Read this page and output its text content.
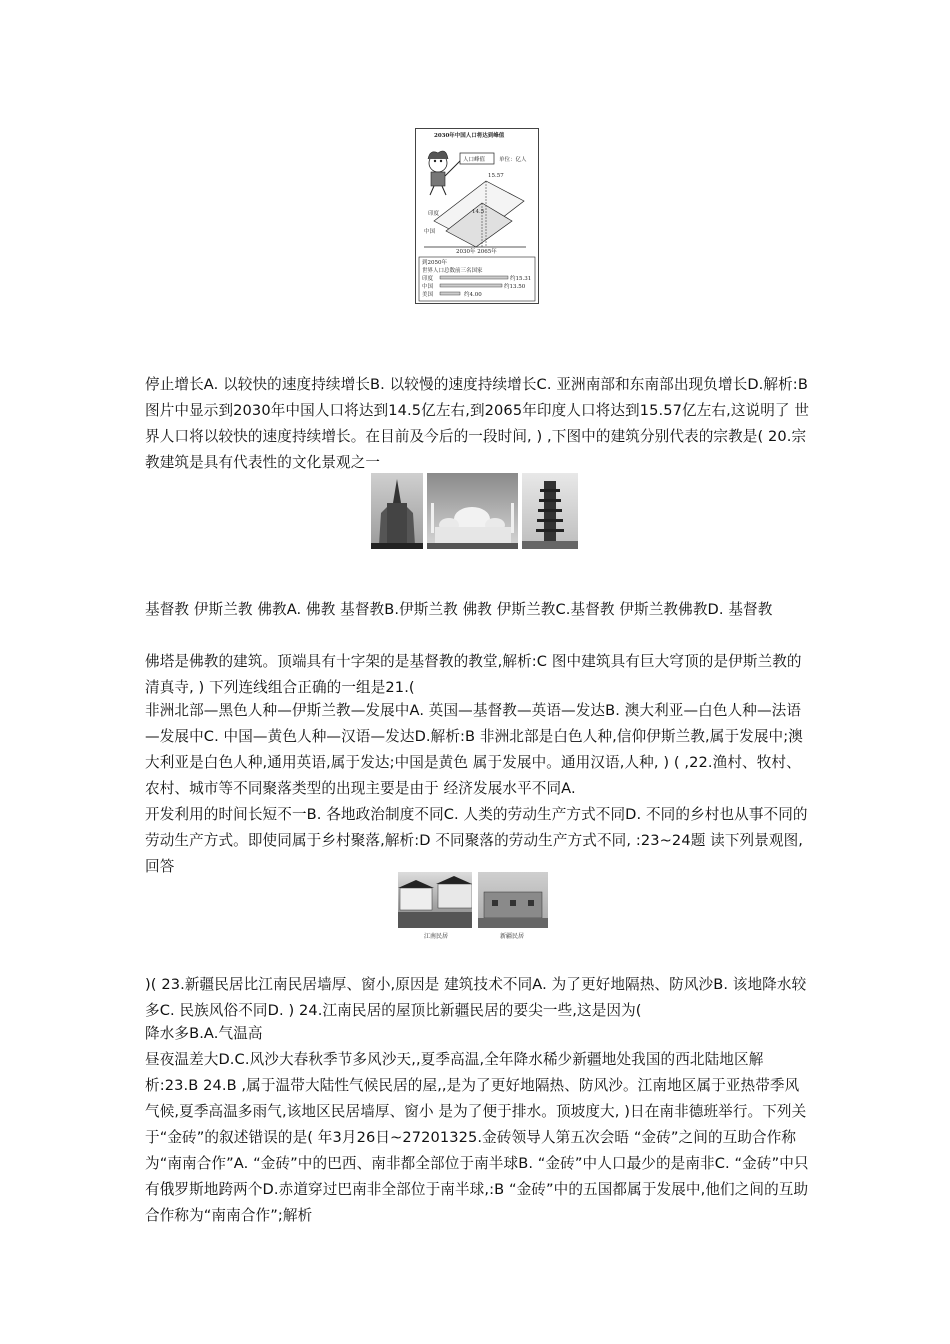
2030年中国人口将达到峰值
人口峰值	单位：亿人
15.57
14.5
印度
中国
2030年 2065年
到2050年
世界人口总数前三名国家
印度
中国
美国
约15.31
约13.50
约4.00
停止增长A. 以较快的速度持续增长B. 以较慢的速度持续增长C. 亚洲南部和东南部出现负增长D.解析:B 图片中显示到2030年中国人口将达到14.5亿左右,到2065年印度人口将达到15.57亿左右,这说明了 世界人口将以较快的速度持续增长。在目前及今后的一段时间, ) ,下图中的建筑分别代表的宗教是( 20.宗教建筑是具有代表性的文化景观之一
基督教 伊斯兰教 佛教A. 佛教 基督教B.伊斯兰教 佛教 伊斯兰教C.基督教 伊斯兰教佛教D. 基督教
佛塔是佛教的建筑。顶端具有十字架的是基督教的教堂,解析:C 图中建筑具有巨大穹顶的是伊斯兰教的清真寺, ) 下列连线组合正确的一组是21.(
非洲北部—黑色人种—伊斯兰教—发展中A. 英国—基督教—英语—发达B. 澳大利亚—白色人种—法语—发展中C. 中国—黄色人种—汉语—发达D.解析:B 非洲北部是白色人种,信仰伊斯兰教,属于发展中;澳大利亚是白色人种,通用英语,属于发达;中国是黄色 属于发展中。通用汉语,人种, ) ( ,22.渔村、牧村、农村、城市等不同聚落类型的出现主要是由于 经济发展水平不同A.
开发利用的时间长短不一B. 各地政治制度不同C. 人类的劳动生产方式不同D. 不同的乡村也从事不同的劳动生产方式。即使同属于乡村聚落,解析:D 不同聚落的劳动生产方式不同, :23~24题 读下列景观图,回答
江南民居	新疆民居
)( 23.新疆民居比江南民居墙厚、窗小,原因是 建筑技术不同A. 为了更好地隔热、防风沙B. 该地降水较多C. 民族风俗不同D. ) 24.江南民居的屋顶比新疆民居的要尖一些,这是因为(
降水多B.A.气温高
昼夜温差大D.C.风沙大春秋季节多风沙天,,夏季高温,全年降水稀少新疆地处我国的西北陆地区解析:23.B 24.B ,属于温带大陆性气候民居的屋,,是为了更好地隔热、防风沙。江南地区属于亚热带季风气候,夏季高温多雨气,该地区民居墙厚、窗小 是为了便于排水。顶坡度大, )日在南非德班举行。下列关于“金砖”的叙述错误的是( 年3月26日~27201325.金砖领导人第五次会晤 “金砖”之间的互助合作称为“南南合作”A. “金砖”中的巴西、南非都全部位于南半球B. “金砖”中人口最少的是南非C. “金砖”中只有俄罗斯地跨两个D.赤道穿过巴南非全部位于南半球,:B “金砖”中的五国都属于发展中,他们之间的互助合作称为“南南合作”;解析
